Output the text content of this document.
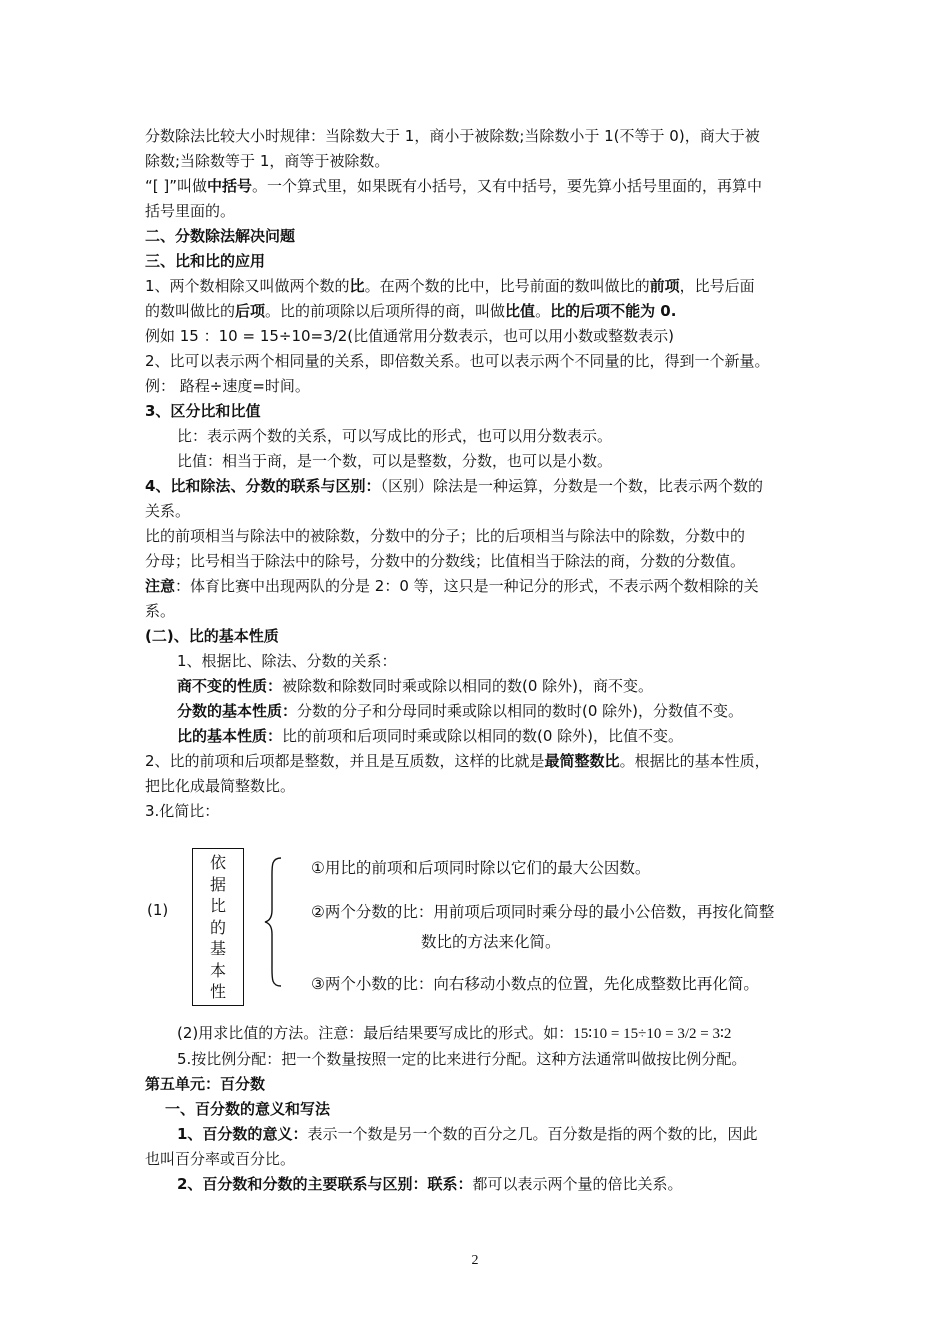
分数除法比较大小时规律：当除数大于 1，商小于被除数;当除数小于 1(不等于 0)，商大于被
除数;当除数等于 1，商等于被除数。
“[ ]”叫做中括号。一个算式里，如果既有小括号，又有中括号，要先算小括号里面的，再算中
括号里面的。
二、分数除法解决问题
三、比和比的应用
1、两个数相除又叫做两个数的比。在两个数的比中，比号前面的数叫做比的前项，比号后面
的数叫做比的后项。比的前项除以后项所得的商，叫做比值。比的后项不能为 0.
例如 15 ：10 = 15÷10=3/2(比值通常用分数表示，也可以用小数或整数表示)
2、比可以表示两个相同量的关系，即倍数关系。也可以表示两个不同量的比，得到一个新量。
例： 路程÷速度=时间。
3、区分比和比值
比：表示两个数的关系，可以写成比的形式，也可以用分数表示。
比值：相当于商，是一个数，可以是整数，分数，也可以是小数。
4、比和除法、分数的联系与区别：（区别）除法是一种运算，分数是一个数，比表示两个数的
关系。
比的前项相当与除法中的被除数，分数中的分子；比的后项相当与除法中的除数，分数中的
分母；比号相当于除法中的除号，分数中的分数线；比值相当于除法的商，分数的分数值。
注意：体育比赛中出现两队的分是 2：0 等，这只是一种记分的形式，不表示两个数相除的关
系。
(二)、比的基本性质
1、根据比、除法、分数的关系：
商不变的性质：被除数和除数同时乘或除以相同的数(0 除外)，商不变。
分数的基本性质：分数的分子和分母同时乘或除以相同的数时(0 除外)，分数值不变。
比的基本性质：比的前项和后项同时乘或除以相同的数(0 除外)，比值不变。
2、比的前项和后项都是整数，并且是互质数，这样的比就是最简整数比。根据比的基本性质，
把比化成最简整数比。
3.化简比：
(1)
依
据
比
的
基
本
性
①用比的前项和后项同时除以它们的最大公因数。
②两个分数的比：用前项后项同时乘分母的最小公倍数，再按化简整
数比的方法来化简。
③两个小数的比：向右移动小数点的位置，先化成整数比再化简。
(2)用求比值的方法。注意：最后结果要写成比的形式。如：15∶10 = 15÷10 = 3/2 = 3∶2
5.按比例分配：把一个数量按照一定的比来进行分配。这种方法通常叫做按比例分配。
第五单元：百分数
一、百分数的意义和写法
1、百分数的意义：表示一个数是另一个数的百分之几。百分数是指的两个数的比，因此
也叫百分率或百分比。
2、百分数和分数的主要联系与区别：联系：都可以表示两个量的倍比关系。
2
